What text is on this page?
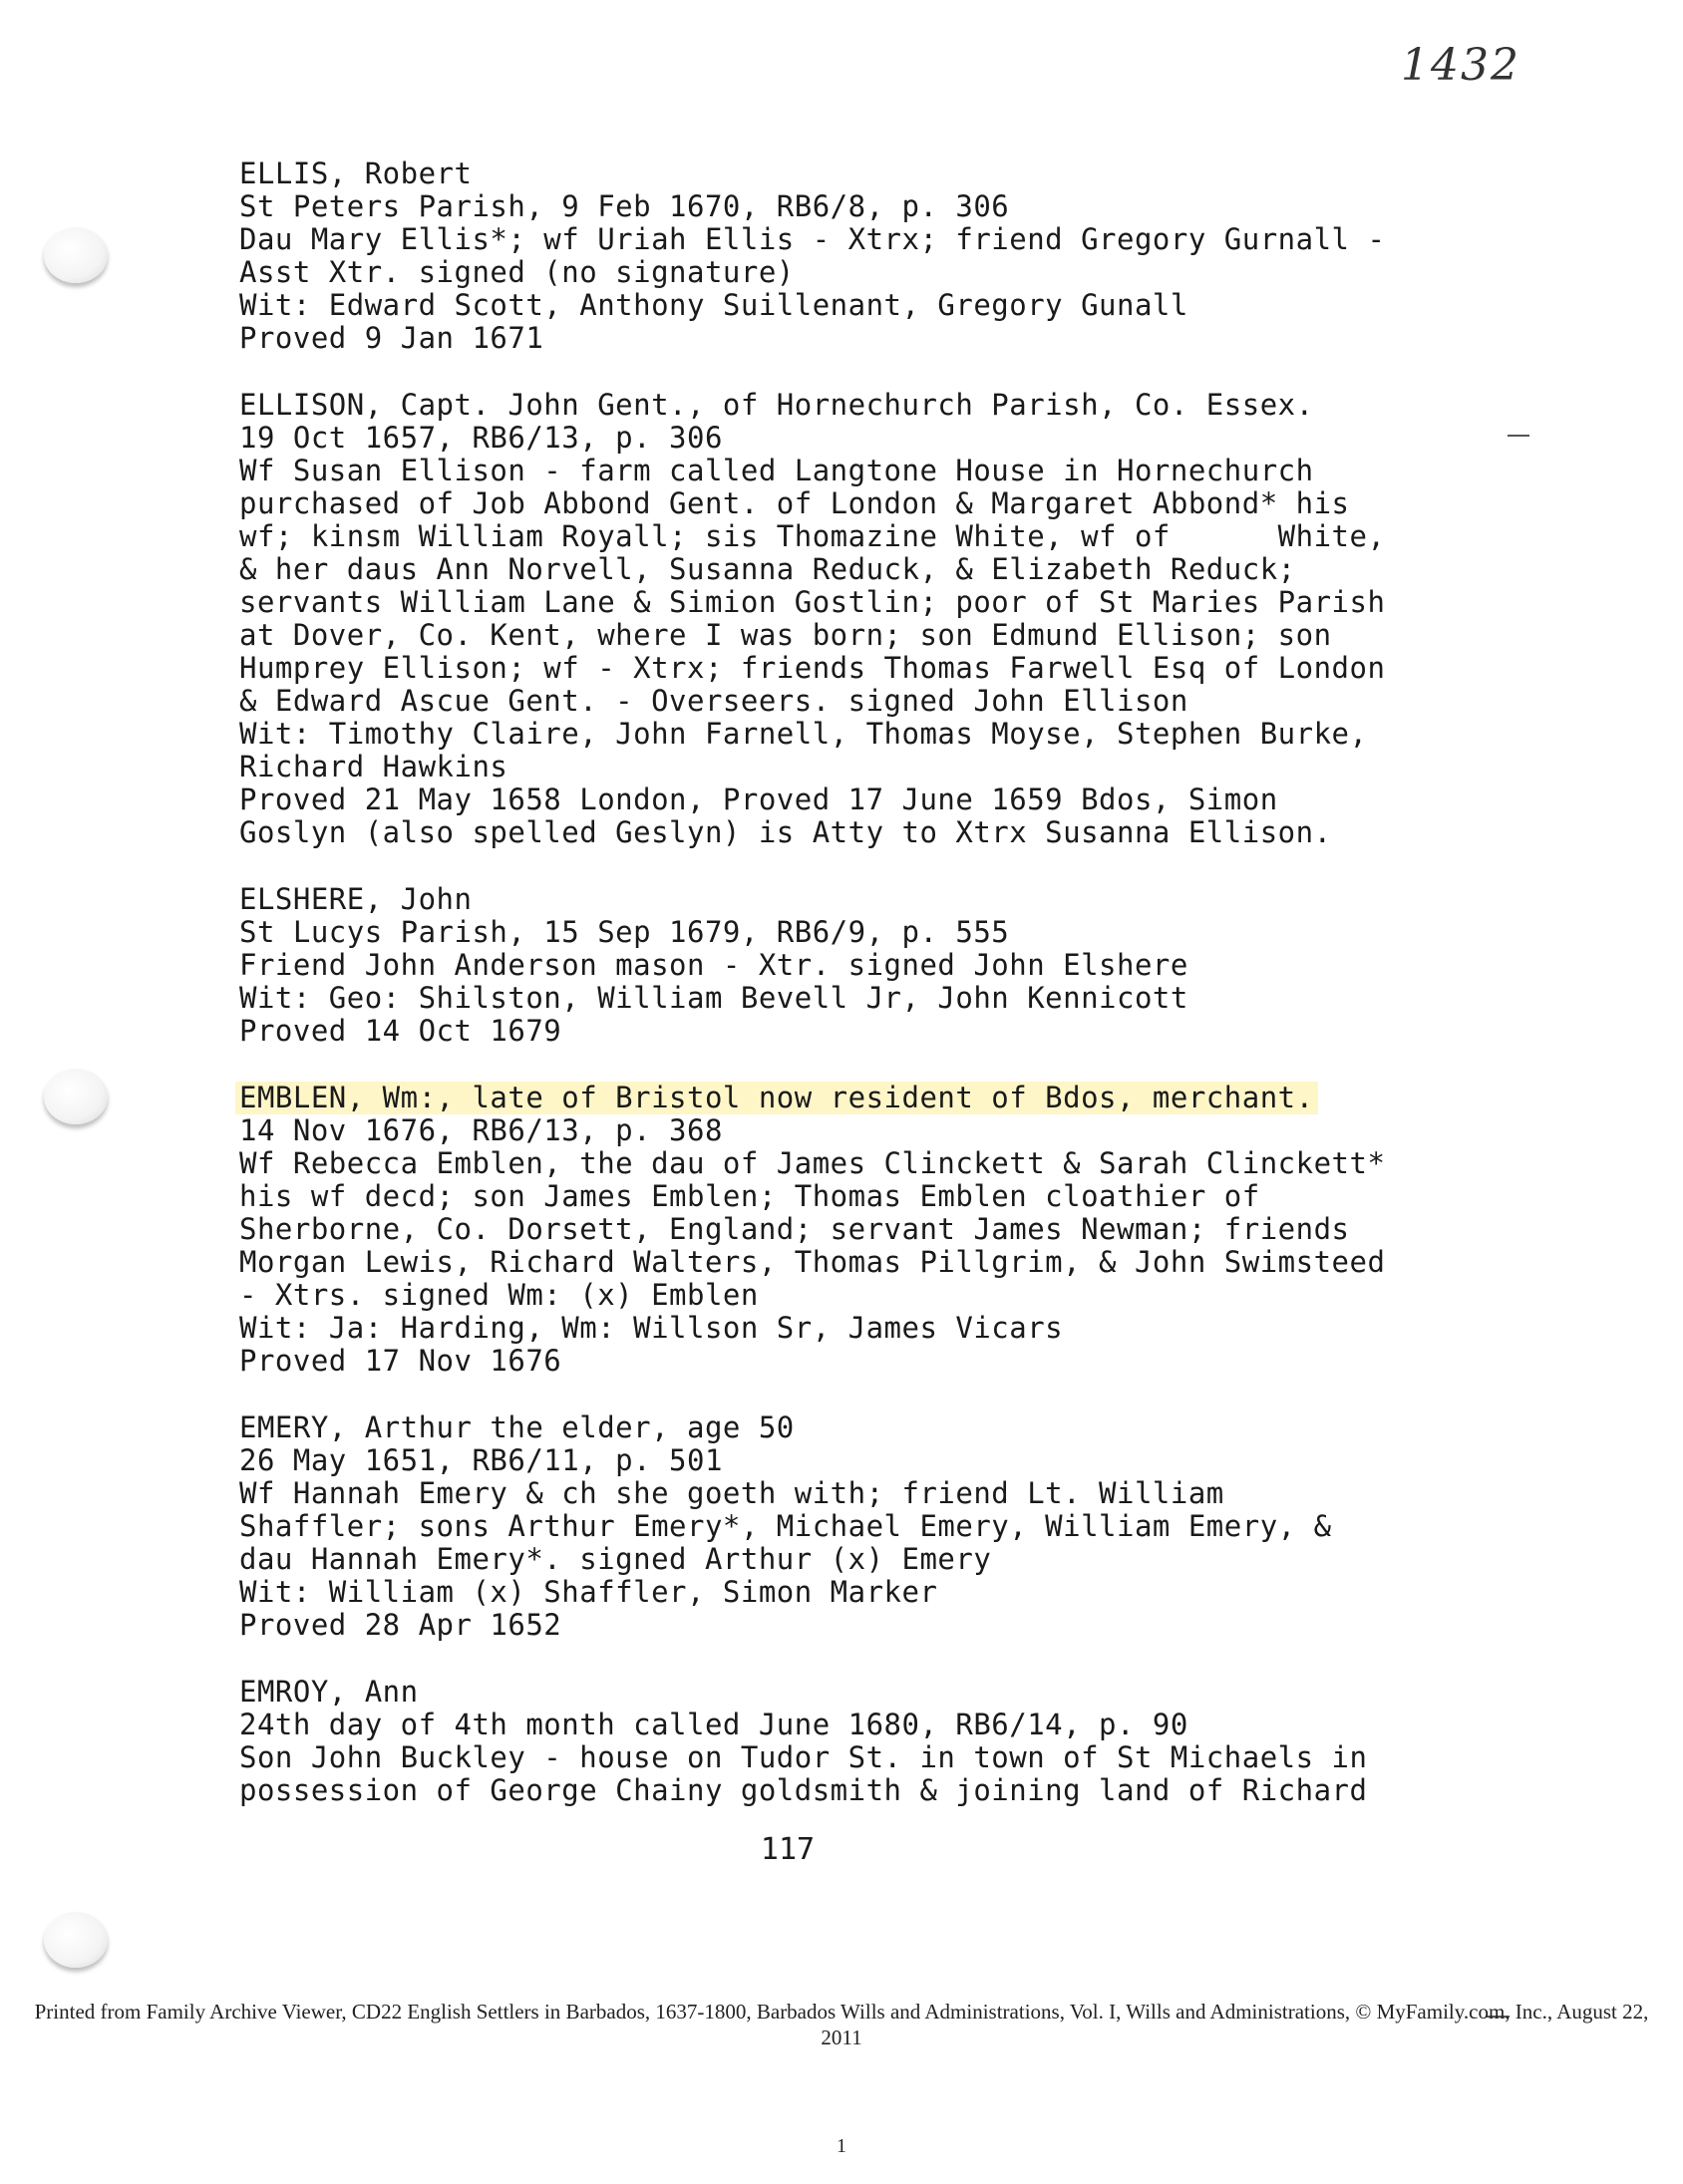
1432
ELLIS, Robert
St Peters Parish, 9 Feb 1670, RB6/8, p. 306
Dau Mary Ellis*; wf Uriah Ellis - Xtrx; friend Gregory Gurnall -
Asst Xtr. signed (no signature)
Wit: Edward Scott, Anthony Suillenant, Gregory Gunall
Proved 9 Jan 1671
ELLISON, Capt. John Gent., of Hornechurch Parish, Co. Essex.
19 Oct 1657, RB6/13, p. 306
Wf Susan Ellison - farm called Langtone House in Hornechurch
purchased of Job Abbond Gent. of London & Margaret Abbond* his
wf; kinsm William Royall; sis Thomazine White, wf of      White,
& her daus Ann Norvell, Susanna Reduck, & Elizabeth Reduck;
servants William Lane & Simion Gostlin; poor of St Maries Parish
at Dover, Co. Kent, where I was born; son Edmund Ellison; son
Humprey Ellison; wf - Xtrx; friends Thomas Farwell Esq of London
& Edward Ascue Gent. - Overseers. signed John Ellison
Wit: Timothy Claire, John Farnell, Thomas Moyse, Stephen Burke,
Richard Hawkins
Proved 21 May 1658 London, Proved 17 June 1659 Bdos, Simon
Goslyn (also spelled Geslyn) is Atty to Xtrx Susanna Ellison.
ELSHERE, John
St Lucys Parish, 15 Sep 1679, RB6/9, p. 555
Friend John Anderson mason - Xtr. signed John Elshere
Wit: Geo: Shilston, William Bevell Jr, John Kennicott
Proved 14 Oct 1679
EMBLEN, Wm:, late of Bristol now resident of Bdos, merchant.
14 Nov 1676, RB6/13, p. 368
Wf Rebecca Emblen, the dau of James Clinckett & Sarah Clinckett*
his wf decd; son James Emblen; Thomas Emblen cloathier of
Sherborne, Co. Dorsett, England; servant James Newman; friends
Morgan Lewis, Richard Walters, Thomas Pillgrim, & John Swimsteed
- Xtrs. signed Wm: (x) Emblen
Wit: Ja: Harding, Wm: Willson Sr, James Vicars
Proved 17 Nov 1676
EMERY, Arthur the elder, age 50
26 May 1651, RB6/11, p. 501
Wf Hannah Emery & ch she goeth with; friend Lt. William
Shaffler; sons Arthur Emery*, Michael Emery, William Emery, &
dau Hannah Emery*. signed Arthur (x) Emery
Wit: William (x) Shaffler, Simon Marker
Proved 28 Apr 1652
EMROY, Ann
24th day of 4th month called June 1680, RB6/14, p. 90
Son John Buckley - house on Tudor St. in town of St Michaels in
possession of George Chainy goldsmith & joining land of Richard
117
Printed from Family Archive Viewer, CD22 English Settlers in Barbados, 1637-1800, Barbados Wills and Administrations, Vol. I, Wills and Administrations, © MyFamily.com, Inc., August 22, 2011
1
